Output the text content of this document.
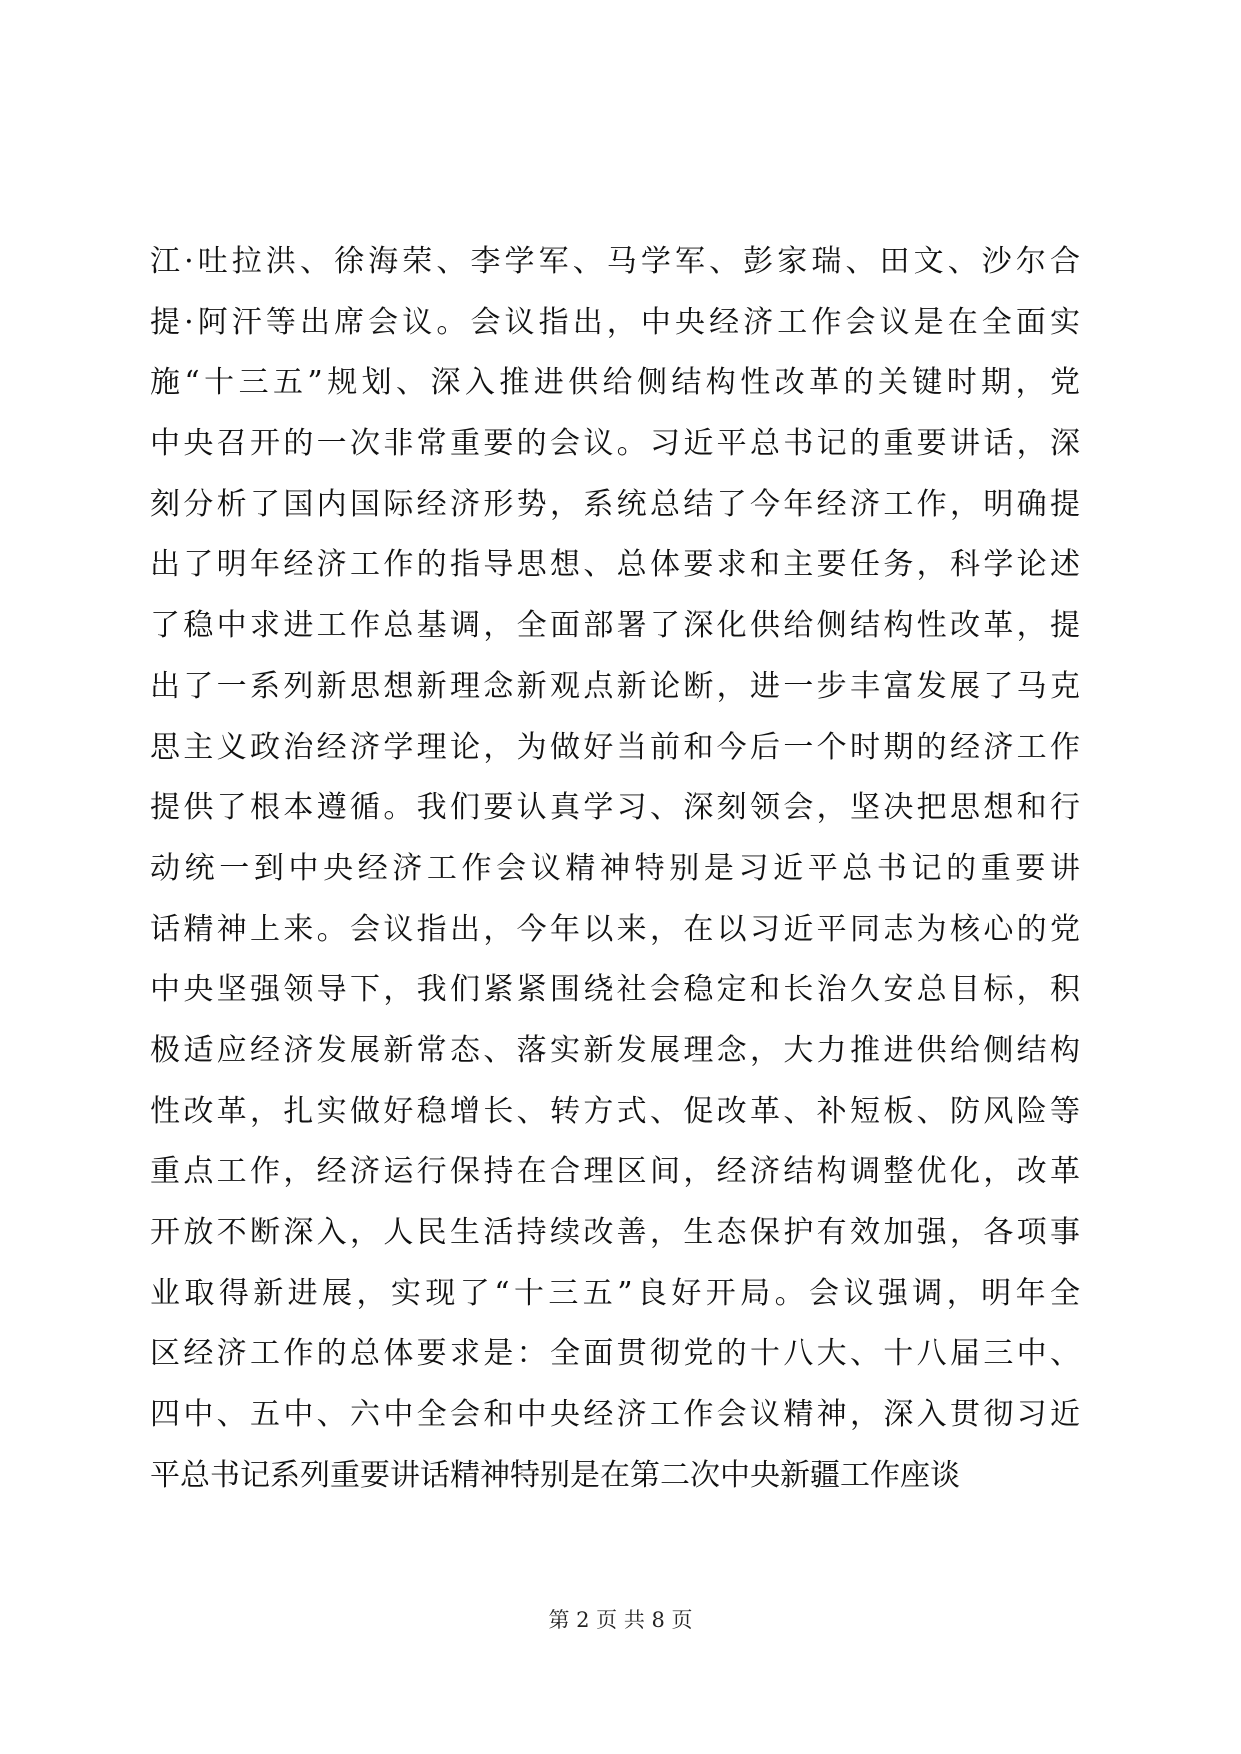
江·吐拉洪、徐海荣、李学军、马学军、彭家瑞、田文、沙尔合
提·阿汗等出席会议。会议指出，中央经济工作会议是在全面实
施“十三五”规划、深入推进供给侧结构性改革的关键时期，党
中央召开的一次非常重要的会议。习近平总书记的重要讲话，深
刻分析了国内国际经济形势，系统总结了今年经济工作，明确提
出了明年经济工作的指导思想、总体要求和主要任务，科学论述
了稳中求进工作总基调，全面部署了深化供给侧结构性改革，提
出了一系列新思想新理念新观点新论断，进一步丰富发展了马克
思主义政治经济学理论，为做好当前和今后一个时期的经济工作
提供了根本遵循。我们要认真学习、深刻领会，坚决把思想和行
动统一到中央经济工作会议精神特别是习近平总书记的重要讲
话精神上来。会议指出，今年以来，在以习近平同志为核心的党
中央坚强领导下，我们紧紧围绕社会稳定和长治久安总目标，积
极适应经济发展新常态、落实新发展理念，大力推进供给侧结构
性改革，扎实做好稳增长、转方式、促改革、补短板、防风险等
重点工作，经济运行保持在合理区间，经济结构调整优化，改革
开放不断深入，人民生活持续改善，生态保护有效加强，各项事
业取得新进展，实现了“十三五”良好开局。会议强调，明年全
区经济工作的总体要求是：全面贯彻党的十八大、十八届三中、
四中、五中、六中全会和中央经济工作会议精神，深入贯彻习近
平总书记系列重要讲话精神特别是在第二次中央新疆工作座谈
第 2 页 共 8 页
